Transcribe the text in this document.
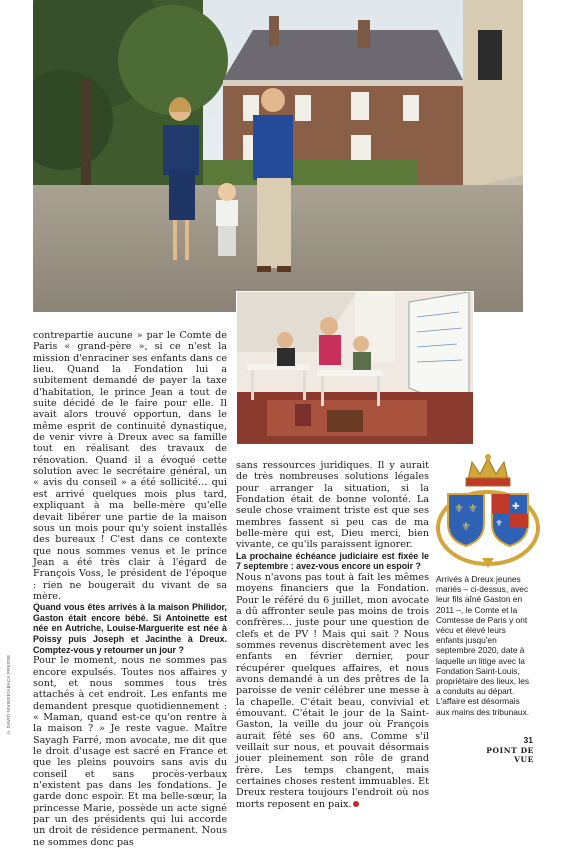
contrepartie aucune » par le Comte de Paris « grand-père », si ce n'est la mission d'enraciner ses enfants dans ce lieu. Quand la Fondation lui a subitement demandé de payer la taxe d'habitation, le prince Jean a tout de suite décidé de le faire pour elle. Il avait alors trouvé opportun, dans le même esprit de continuité dynastique, de venir vivre à Dreux avec sa famille tout en réalisant des travaux de rénovation. Quand il a évoqué cette solution avec le secrétaire général, un « avis du conseil » a été sollicité… qui est arrivé quelques mois plus tard, expliquant à ma belle-mère qu'elle devait libérer une partie de la maison sous un mois pour qu'y soient installés des bureaux ! C'est dans ce contexte que nous sommes venus et le prince Jean a été très clair à l'égard de François Voss, le président de l'époque : rien ne bougerait du vivant de sa mère.

Quand vous êtes arrivés à la maison Philidor, Gaston était encore bébé. Si Antoinette est née en Autriche, Louise-Marguerite est née à Poissy puis Joseph et Jacinthe à Dreux. Comptez-vous y retourner un jour ?

Pour le moment, nous ne sommes pas encore expulsés. Toutes nos affaires y sont, et nous sommes tous très attachés à cet endroit. Les enfants me demandent presque quotidiennement : « Maman, quand est-ce qu'on rentre à la maison ? » Je reste vague. Maître Sayagh Farré, mon avocate, me dit que le droit d'usage est sacré en France et que les pleins pouvoirs sans avis du conseil et sans procès-verbaux n'existent pas dans les fondations. Je garde donc espoir. Et ma belle-sœur, la princesse Marie, possède un acte signé par un des présidents qui lui accorde un droit de résidence permanent. Nous ne sommes donc pas

sans ressources juridiques. Il y aurait de très nombreuses solutions légales pour arranger la situation, si la Fondation était de bonne volonté. La seule chose vraiment triste est que ses membres fassent si peu cas de ma belle-mère qui est, Dieu merci, bien vivante, ce qu'ils paraissent ignorer.

La prochaine échéance judiciaire est fixée le 7 septembre : avez-vous encore un espoir ?

Nous n'avons pas tout à fait les mêmes moyens financiers que la Fondation. Pour le référé du 6 juillet, mon avocate a dû affronter seule pas moins de trois confrères… juste pour une question de clefs et de PV ! Mais qui sait ? Nous sommes revenus discrètement avec les enfants en février dernier, pour récupérer quelques affaires, et nous avons demandé à un des prêtres de la paroisse de venir célébrer une messe à la chapelle. C'était beau, convivial et émouvant. C'était le jour de la Saint-Gaston, la veille du jour où François aurait fêté ses 60 ans. Comme s'il veillait sur nous, et pouvait désormais jouer pleinement son rôle de grand frère. Les temps changent, mais certaines choses restent immuables. Et Dreux restera toujours l'endroit où nos morts reposent en paix.

⚜ ⚜
⚜
✚
⚜

Arrivés à Dreux jeunes mariés – ci-dessus, avec leur fils aîné Gaston en 2011 –, le Comte et la Comtesse de Paris y ont vécu et élevé leurs enfants jusqu'en septembre 2020, date à laquelle un litige avec la Fondation Saint-Louis, propriétaire des lieux, les a conduits au départ. L'affaire est désormais aux mains des tribunaux.

© DAVID NIVIERE/ABACA PRESSE
31
POINT DE VUE
